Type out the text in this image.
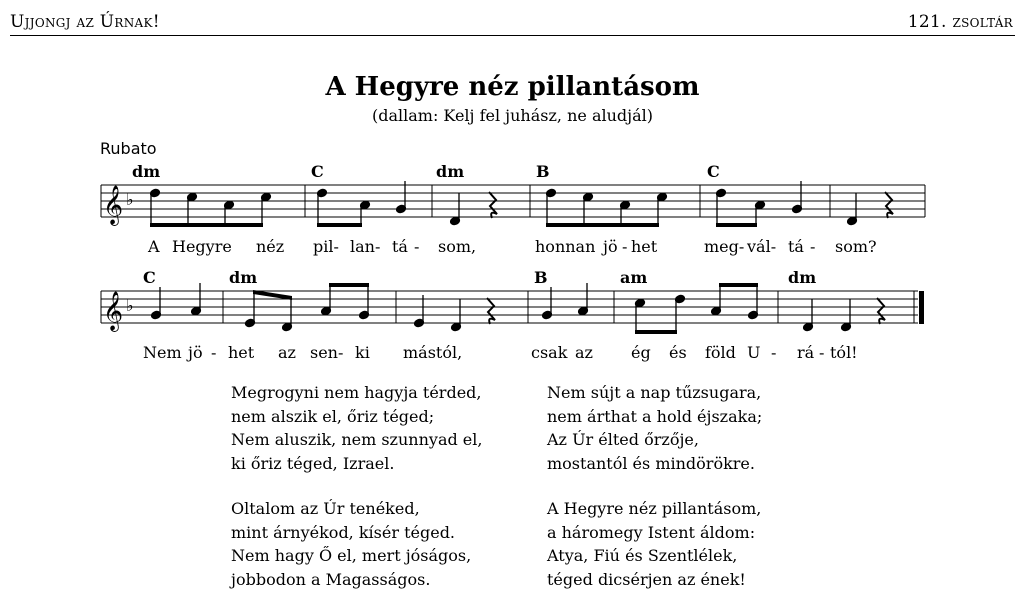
Ujjongj az Úrnak!	121. zsoltár
A Hegyre néz pillantásom
(dallam: Kelj fel juhász, ne aludjál)
Rubato
dm	C	dm	B	C
C	dm	B	am	dm
𝄞 ♭
𝄞 ♭
A Hegyre néz pil- lan- tá - som,	honnan jö - het	meg- vál- tá - som?
Nem jö - het az sen- ki mástól,	csak az ég és föld U - rá - tól!
Megrogyni nem hagyja térded,
nem alszik el, őriz téged;
Nem aluszik, nem szunnyad el,
ki őriz téged, Izrael.
Nem sújt a nap tűzsugara,
nem árthat a hold éjszaka;
Az Úr élted őrzője,
mostantól és mindörökre.
Oltalom az Úr tenéked,
mint árnyékod, kísér téged.
Nem hagy Ő el, mert jóságos,
jobbodon a Magasságos.
A Hegyre néz pillantásom,
a háromegy Istent áldom:
Atya, Fiú és Szentlélek,
téged dicsérjen az ének!
